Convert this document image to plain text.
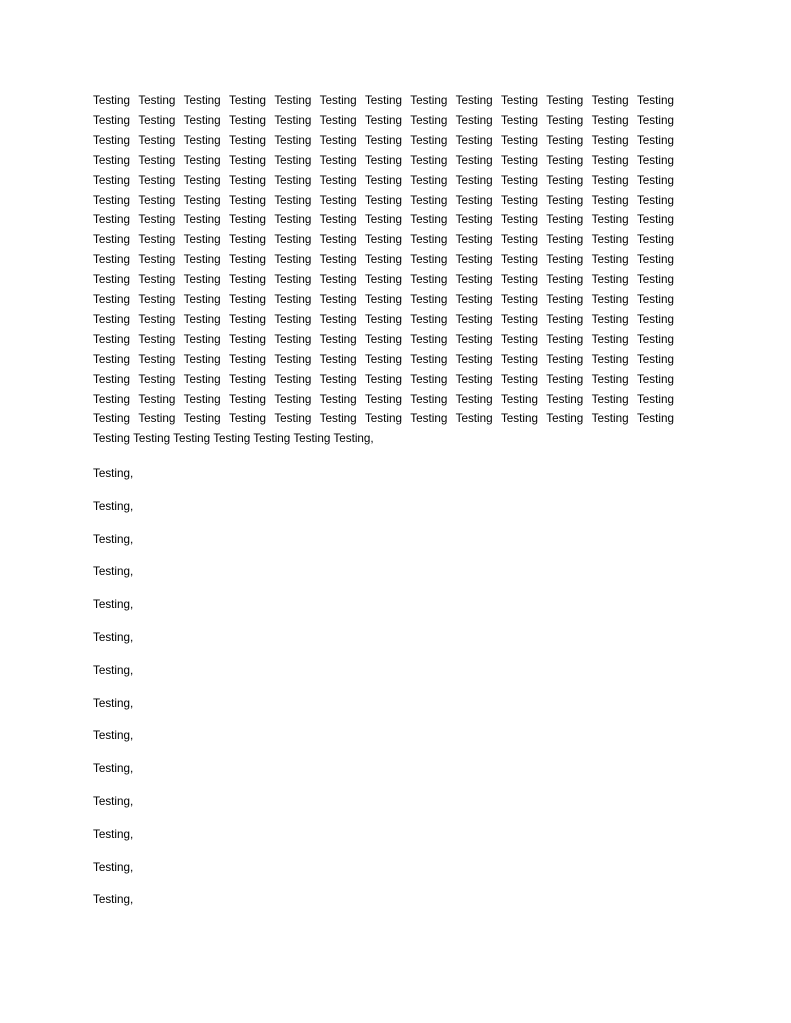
Testing Testing Testing Testing Testing Testing Testing Testing Testing Testing Testing Testing Testing
Testing Testing Testing Testing Testing Testing Testing Testing Testing Testing Testing Testing Testing
Testing Testing Testing Testing Testing Testing Testing Testing Testing Testing Testing Testing Testing
Testing Testing Testing Testing Testing Testing Testing Testing Testing Testing Testing Testing Testing
Testing Testing Testing Testing Testing Testing Testing Testing Testing Testing Testing Testing Testing
Testing Testing Testing Testing Testing Testing Testing Testing Testing Testing Testing Testing Testing
Testing Testing Testing Testing Testing Testing Testing Testing Testing Testing Testing Testing Testing
Testing Testing Testing Testing Testing Testing Testing Testing Testing Testing Testing Testing Testing
Testing Testing Testing Testing Testing Testing Testing Testing Testing Testing Testing Testing Testing
Testing Testing Testing Testing Testing Testing Testing Testing Testing Testing Testing Testing Testing
Testing Testing Testing Testing Testing Testing Testing Testing Testing Testing Testing Testing Testing
Testing Testing Testing Testing Testing Testing Testing Testing Testing Testing Testing Testing Testing
Testing Testing Testing Testing Testing Testing Testing Testing Testing Testing Testing Testing Testing
Testing Testing Testing Testing Testing Testing Testing Testing Testing Testing Testing Testing Testing
Testing Testing Testing Testing Testing Testing Testing Testing Testing Testing Testing Testing Testing
Testing Testing Testing Testing Testing Testing Testing Testing Testing Testing Testing Testing Testing
Testing Testing Testing Testing Testing Testing Testing Testing Testing Testing Testing Testing Testing
Testing Testing Testing Testing Testing Testing Testing,
Testing,
Testing,
Testing,
Testing,
Testing,
Testing,
Testing,
Testing,
Testing,
Testing,
Testing,
Testing,
Testing,
Testing,
